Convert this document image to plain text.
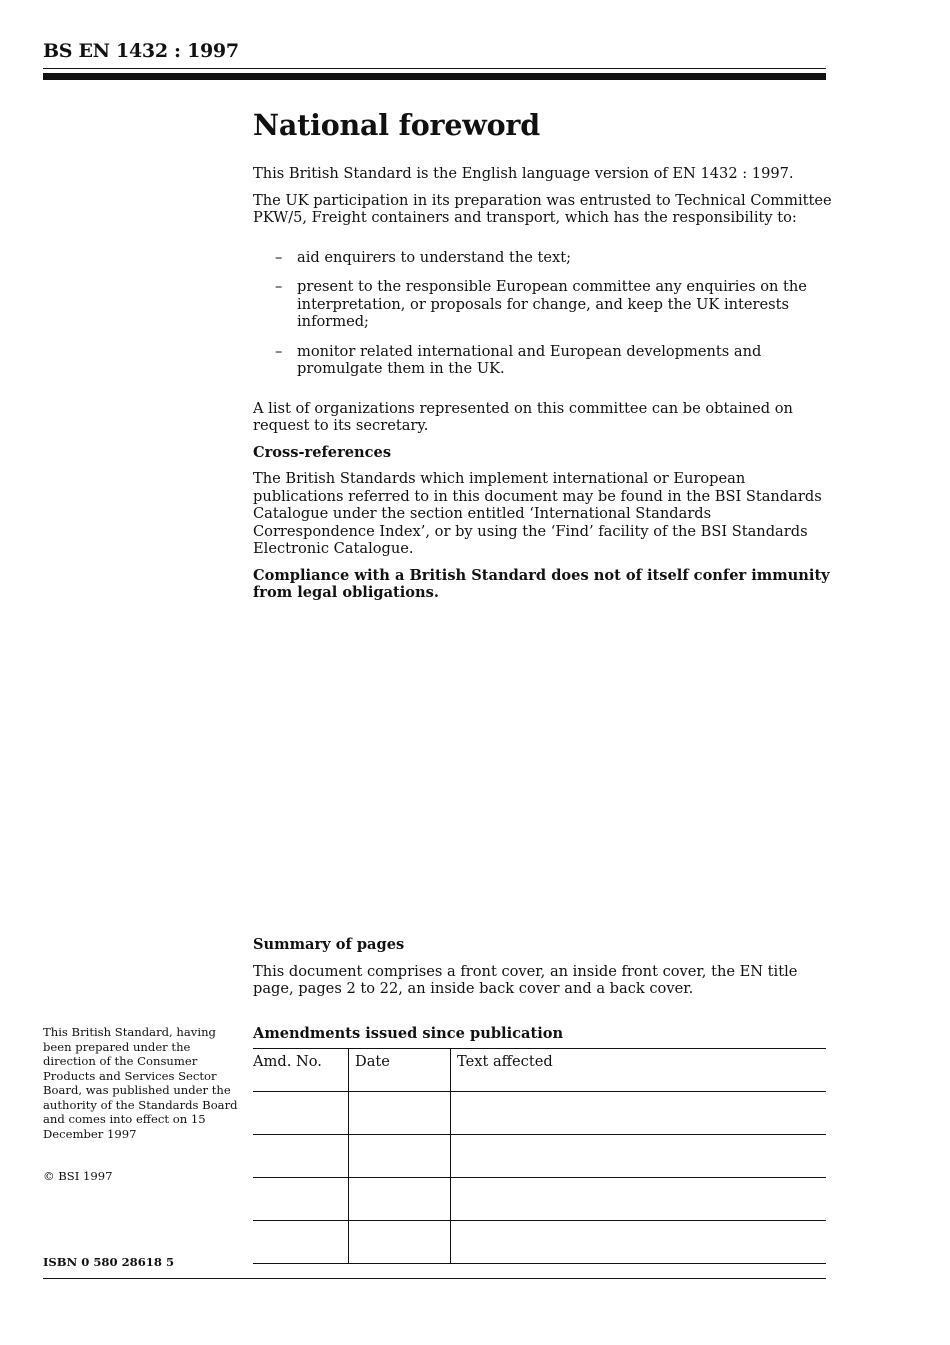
BS EN 1432 : 1997
National foreword

This British Standard is the English language version of EN 1432 : 1997.

The UK participation in its preparation was entrusted to Technical Committee PKW/5, Freight containers and transport, which has the responsibility to:

– aid enquirers to understand the text;
– present to the responsible European committee any enquiries on the interpretation, or proposals for change, and keep the UK interests informed;
– monitor related international and European developments and promulgate them in the UK.

A list of organizations represented on this committee can be obtained on request to its secretary.

Cross-references

The British Standards which implement international or European publications referred to in this document may be found in the BSI Standards Catalogue under the section entitled ‘International Standards Correspondence Index’, or by using the ‘Find’ facility of the BSI Standards Electronic Catalogue.

Compliance with a British Standard does not of itself confer immunity from legal obligations.

Summary of pages

This document comprises a front cover, an inside front cover, the EN title page, pages 2 to 22, an inside back cover and a back cover.

This British Standard, having been prepared under the direction of the Consumer Products and Services Sector Board, was published under the authority of the Standards Board and comes into effect on 15 December 1997
© BSI 1997
ISBN 0 580 28618 5
Amendments issued since publication
Amd. No.	Date	Text affected
